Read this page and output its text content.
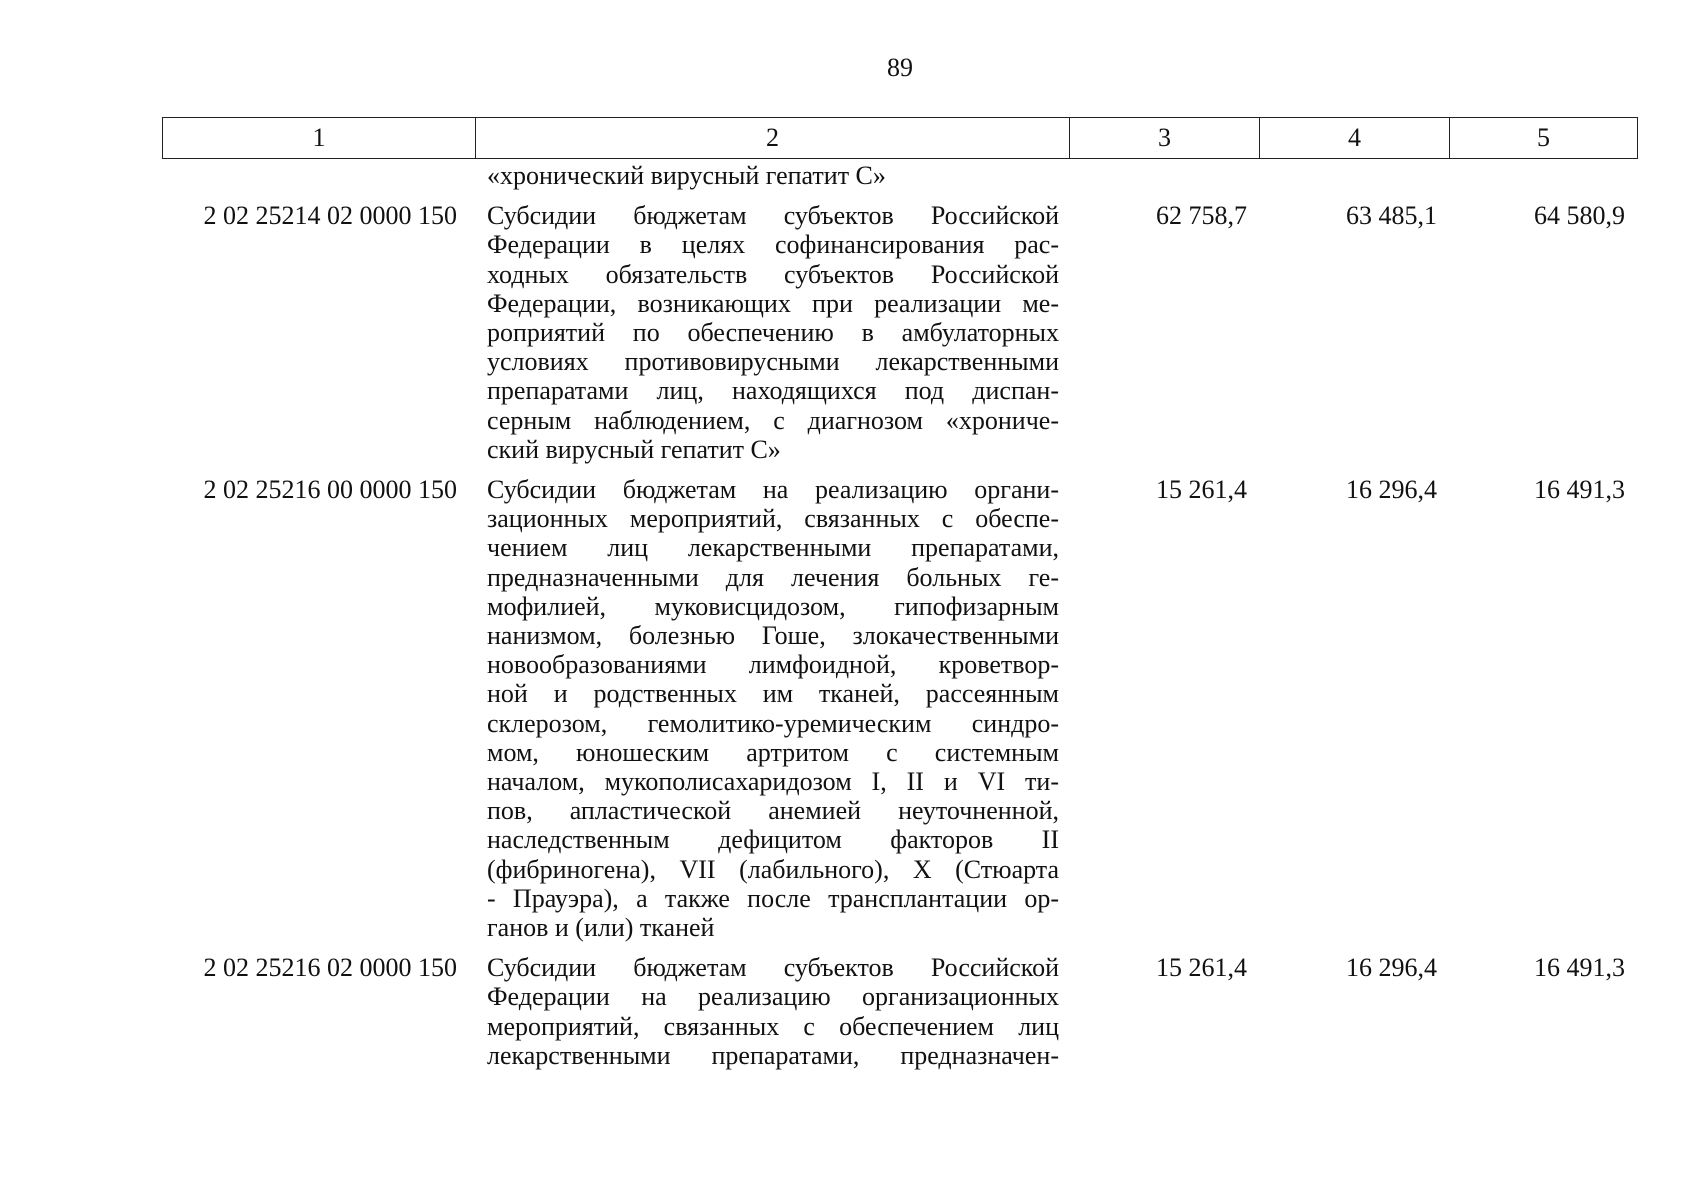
89
1	2	3	4	5
«хронический вирусный гепатит С»
2 02 25214 02 0000 150	Субсидии бюджетам субъектов Российской
Федерации в целях софинансирования рас-
ходных обязательств субъектов Российской
Федерации, возникающих при реализации ме-
роприятий по обеспечению в амбулаторных
условиях противовирусными лекарственными
препаратами лиц, находящихся под диспан-
серным наблюдением, с диагнозом «хрониче-
ский вирусный гепатит С»
62 758,7	63 485,1	64 580,9
2 02 25216 00 0000 150	Субсидии бюджетам на реализацию органи-
зационных мероприятий, связанных с обеспе-
чением лиц лекарственными препаратами,
предназначенными для лечения больных ге-
мофилией, муковисцидозом, гипофизарным
нанизмом, болезнью Гоше, злокачественными
новообразованиями лимфоидной, кроветвор-
ной и родственных им тканей, рассеянным
склерозом, гемолитико-уремическим синдро-
мом, юношеским артритом с системным
началом, мукополисахаридозом I, II и VI ти-
пов, апластической анемией неуточненной,
наследственным дефицитом факторов II
(фибриногена), VII (лабильного), X (Стюарта
- Прауэра), а также после трансплантации ор-
ганов и (или) тканей
15 261,4	16 296,4	16 491,3
2 02 25216 02 0000 150	Субсидии бюджетам субъектов Российской
Федерации на реализацию организационных
мероприятий, связанных с обеспечением лиц
лекарственными препаратами, предназначен-
15 261,4	16 296,4	16 491,3
